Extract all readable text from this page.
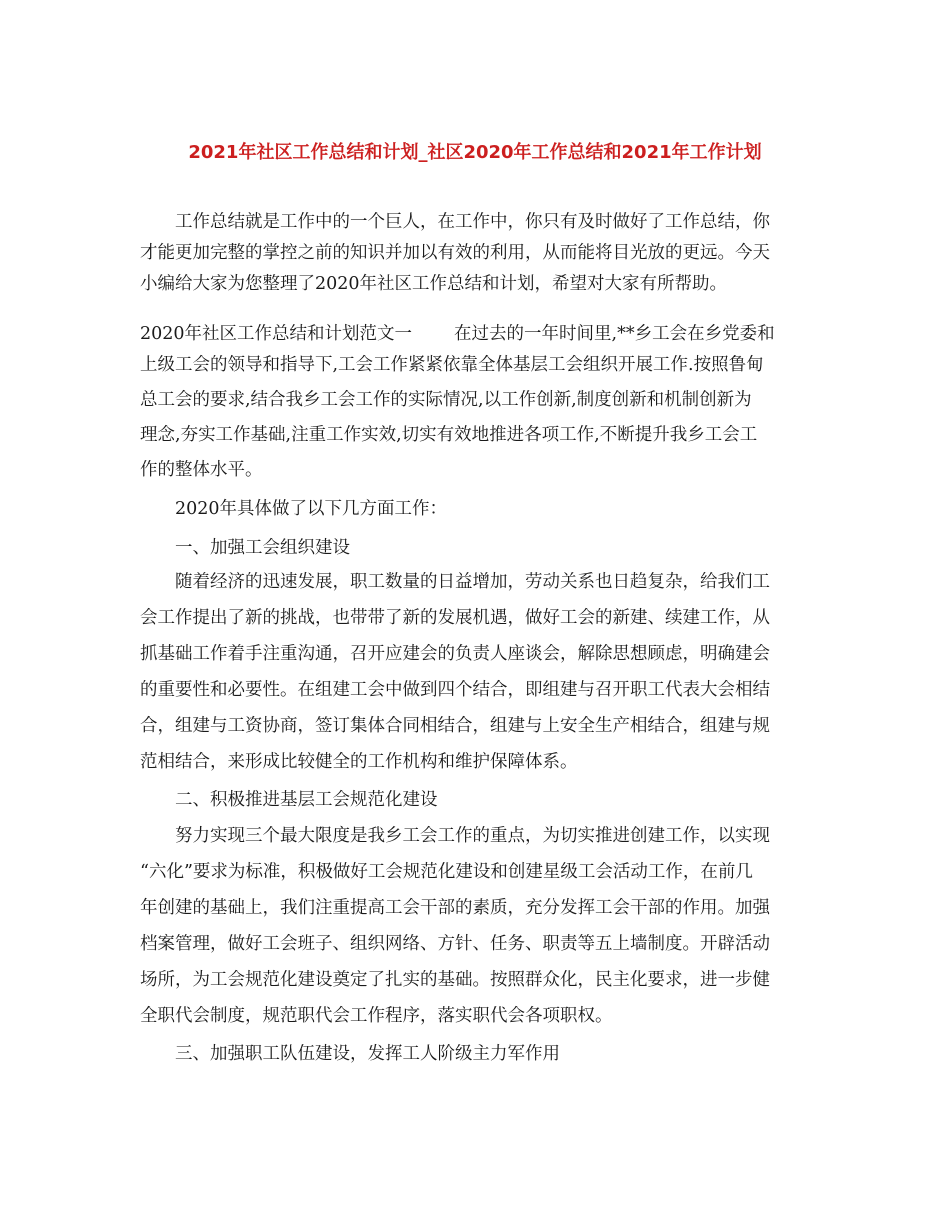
2021年社区工作总结和计划_社区2020年工作总结和2021年工作计划
工作总结就是工作中的一个巨人，在工作中，你只有及时做好了工作总结，你
才能更加完整的掌控之前的知识并加以有效的利用，从而能将目光放的更远。今天
小编给大家为您整理了2020年社区工作总结和计划，希望对大家有所帮助。
2020年社区工作总结和计划范文一 在过去的一年时间里,**乡工会在乡党委和
上级工会的领导和指导下,工会工作紧紧依靠全体基层工会组织开展工作.按照鲁甸
总工会的要求,结合我乡工会工作的实际情况,以工作创新,制度创新和机制创新为
理念,夯实工作基础,注重工作实效,切实有效地推进各项工作,不断提升我乡工会工
作的整体水平。
2020年具体做了以下几方面工作：
一、加强工会组织建设
随着经济的迅速发展，职工数量的日益增加，劳动关系也日趋复杂，给我们工
会工作提出了新的挑战，也带带了新的发展机遇，做好工会的新建、续建工作，从
抓基础工作着手注重沟通，召开应建会的负责人座谈会，解除思想顾虑，明确建会
的重要性和必要性。在组建工会中做到四个结合，即组建与召开职工代表大会相结
合，组建与工资协商，签订集体合同相结合，组建与上安全生产相结合，组建与规
范相结合，来形成比较健全的工作机构和维护保障体系。
二、积极推进基层工会规范化建设
努力实现三个最大限度是我乡工会工作的重点，为切实推进创建工作，以实现
“六化”要求为标准，积极做好工会规范化建设和创建星级工会活动工作，在前几
年创建的基础上，我们注重提高工会干部的素质，充分发挥工会干部的作用。加强
档案管理，做好工会班子、组织网络、方针、任务、职责等五上墙制度。开辟活动
场所，为工会规范化建设奠定了扎实的基础。按照群众化，民主化要求，进一步健
全职代会制度，规范职代会工作程序，落实职代会各项职权。
三、加强职工队伍建设，发挥工人阶级主力军作用
